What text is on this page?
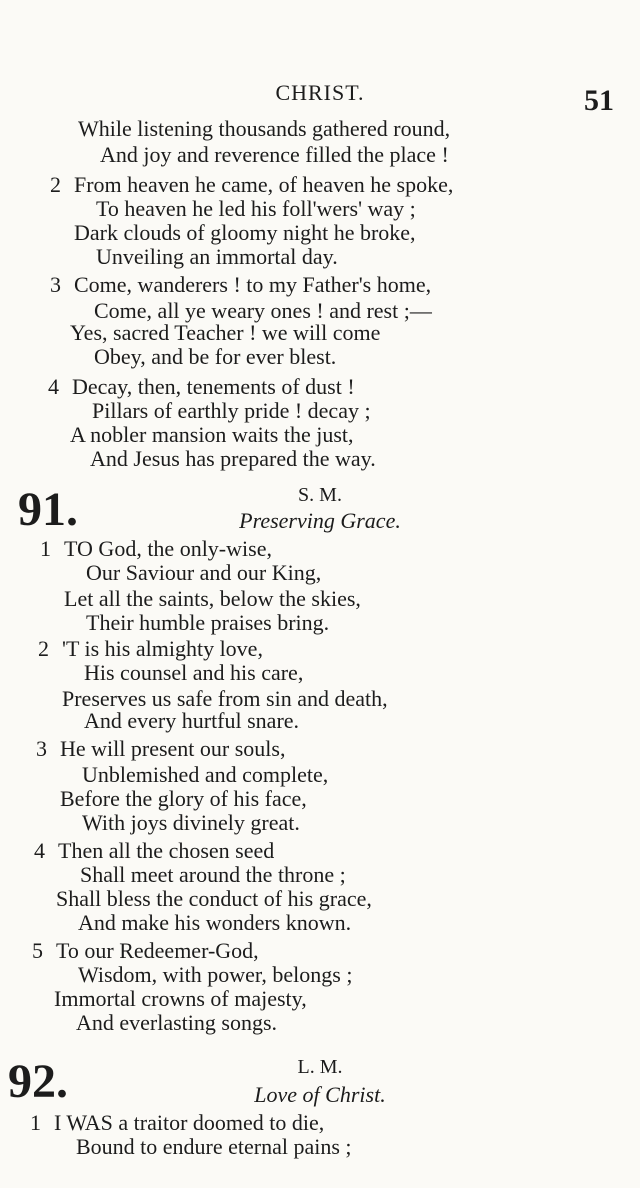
CHRIST.	51
While listening thousands gathered round,
And joy and reverence filled the place !
2 From heaven he came, of heaven he spoke,
To heaven he led his foll'wers' way ;
Dark clouds of gloomy night he broke,
Unveiling an immortal day.
3 Come, wanderers ! to my Father's home,
Come, all ye weary ones ! and rest ;—
Yes, sacred Teacher ! we will come
Obey, and be for ever blest.
4 Decay, then, tenements of dust !
Pillars of earthly pride ! decay ;
A nobler mansion waits the just,
And Jesus has prepared the way.
91.	S. M.
Preserving Grace.
1 TO God, the only-wise,
Our Saviour and our King,
Let all the saints, below the skies,
Their humble praises bring.
2 'T is his almighty love,
His counsel and his care,
Preserves us safe from sin and death,
And every hurtful snare.
3 He will present our souls,
Unblemished and complete,
Before the glory of his face,
With joys divinely great.
4 Then all the chosen seed
Shall meet around the throne ;
Shall bless the conduct of his grace,
And make his wonders known.
5 To our Redeemer-God,
Wisdom, with power, belongs ;
Immortal crowns of majesty,
And everlasting songs.
92.	L. M.
Love of Christ.
1 I WAS a traitor doomed to die,
Bound to endure eternal pains ;
